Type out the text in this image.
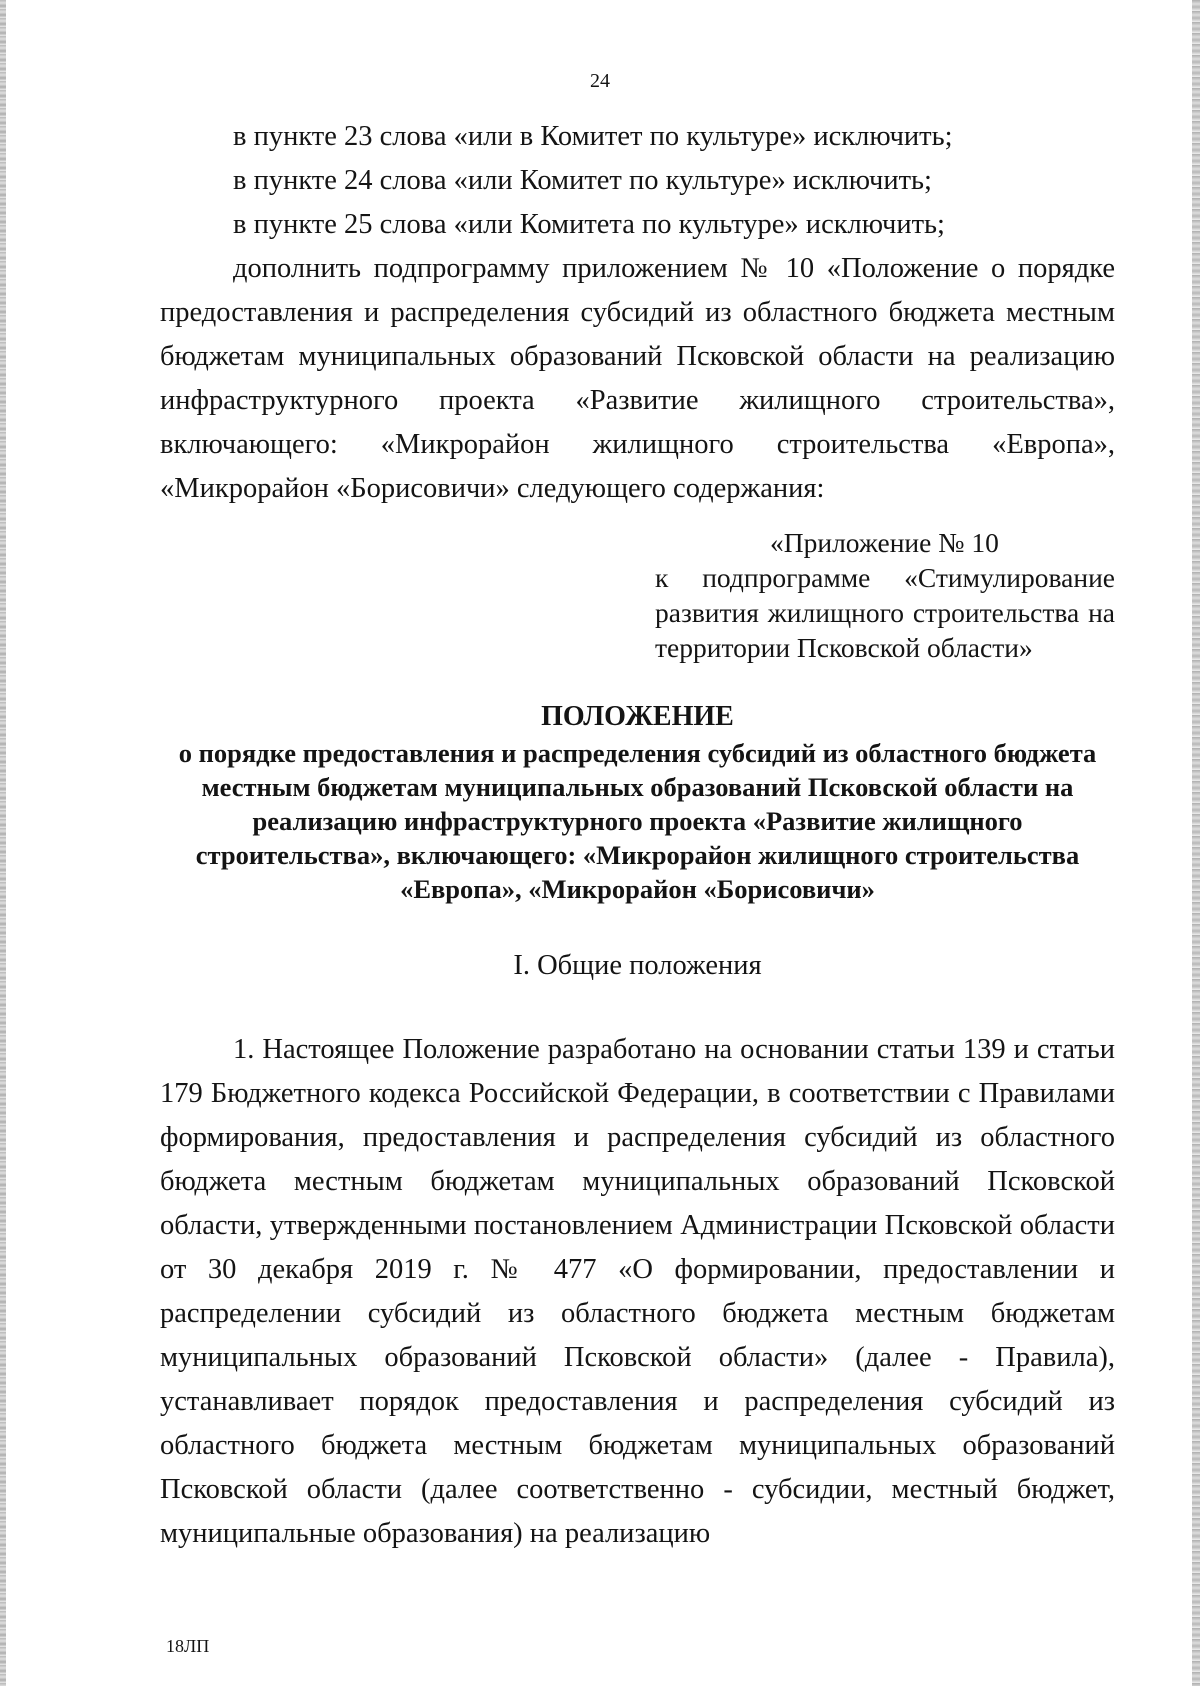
24

в пункте 23 слова «или в Комитет по культуре» исключить;

в пункте 24 слова «или Комитет по культуре» исключить;

в пункте 25 слова «или Комитета по культуре» исключить;

дополнить подпрограмму приложением № 10 «Положение о порядке предоставления и распределения субсидий из областного бюджета местным бюджетам муниципальных образований Псковской области на реализацию инфраструктурного проекта «Развитие жилищного строительства», включающего: «Микрорайон жилищного строительства «Европа», «Микрорайон «Борисовичи» следующего содержания:

«Приложение № 10

к подпрограмме «Стимулирование развития жилищного строительства на территории Псковской области»

ПОЛОЖЕНИЕ

о порядке предоставления и распределения субсидий из областного бюджета местным бюджетам муниципальных образований Псковской области на реализацию инфраструктурного проекта «Развитие жилищного строительства», включающего: «Микрорайон жилищного строительства «Европа», «Микрорайон «Борисовичи»

I. Общие положения

1. Настоящее Положение разработано на основании статьи 139 и статьи 179 Бюджетного кодекса Российской Федерации, в соответствии с Правилами формирования, предоставления и распределения субсидий из областного бюджета местным бюджетам муниципальных образований Псковской области, утвержденными постановлением Администрации Псковской области от 30 декабря 2019 г. № 477 «О формировании, предоставлении и распределении субсидий из областного бюджета местным бюджетам муниципальных образований Псковской области» (далее - Правила), устанавливает порядок предоставления и распределения субсидий из областного бюджета местным бюджетам муниципальных образований Псковской области (далее соответственно - субсидии, местный бюджет, муниципальные образования) на реализацию

18ЛП
